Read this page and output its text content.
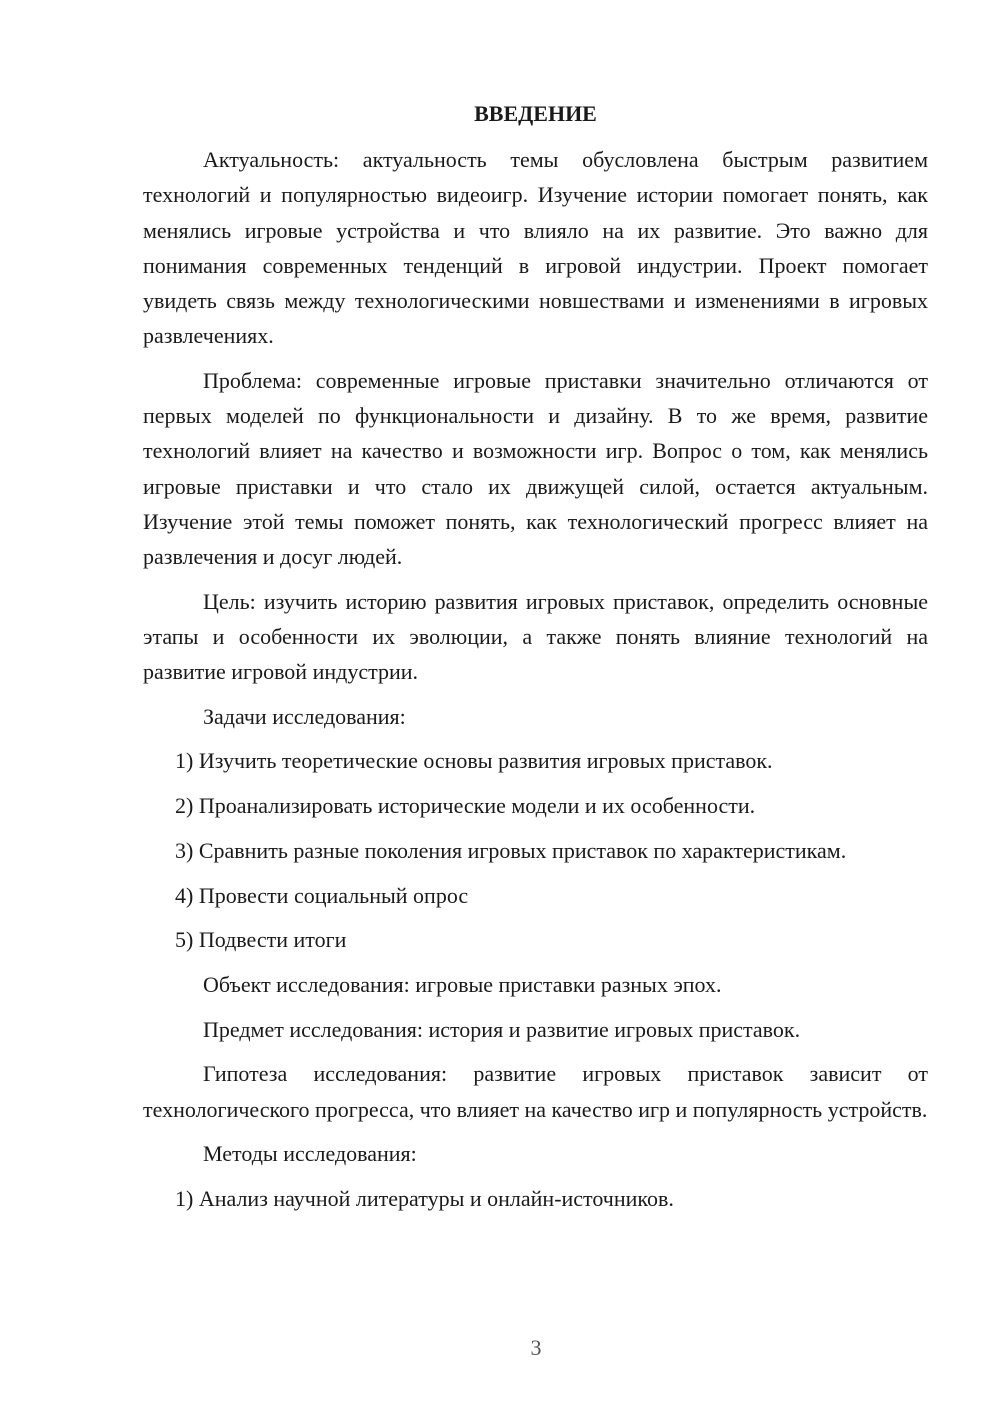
ВВЕДЕНИЕ

Актуальность: актуальность темы обусловлена быстрым развитием технологий и популярностью видеоигр. Изучение истории помогает понять, как менялись игровые устройства и что влияло на их развитие. Это важно для понимания современных тенденций в игровой индустрии. Проект помогает увидеть связь между технологическими новшествами и изменениями в игровых развлечениях.

Проблема: современные игровые приставки значительно отличаются от первых моделей по функциональности и дизайну. В то же время, развитие технологий влияет на качество и возможности игр. Вопрос о том, как менялись игровые приставки и что стало их движущей силой, остается актуальным. Изучение этой темы поможет понять, как технологический прогресс влияет на развлечения и досуг людей.

Цель: изучить историю развития игровых приставок, определить основные этапы и особенности их эволюции, а также понять влияние технологий на развитие игровой индустрии.

Задачи исследования:

1) Изучить теоретические основы развития игровых приставок.

2) Проанализировать исторические модели и их особенности.

3) Сравнить разные поколения игровых приставок по характеристикам.

4) Провести социальный опрос

5) Подвести итоги

Объект исследования: игровые приставки разных эпох.

Предмет исследования: история и развитие игровых приставок.

Гипотеза исследования: развитие игровых приставок зависит от технологического прогресса, что влияет на качество игр и популярность устройств.

Методы исследования:

1) Анализ научной литературы и онлайн-источников.

3
